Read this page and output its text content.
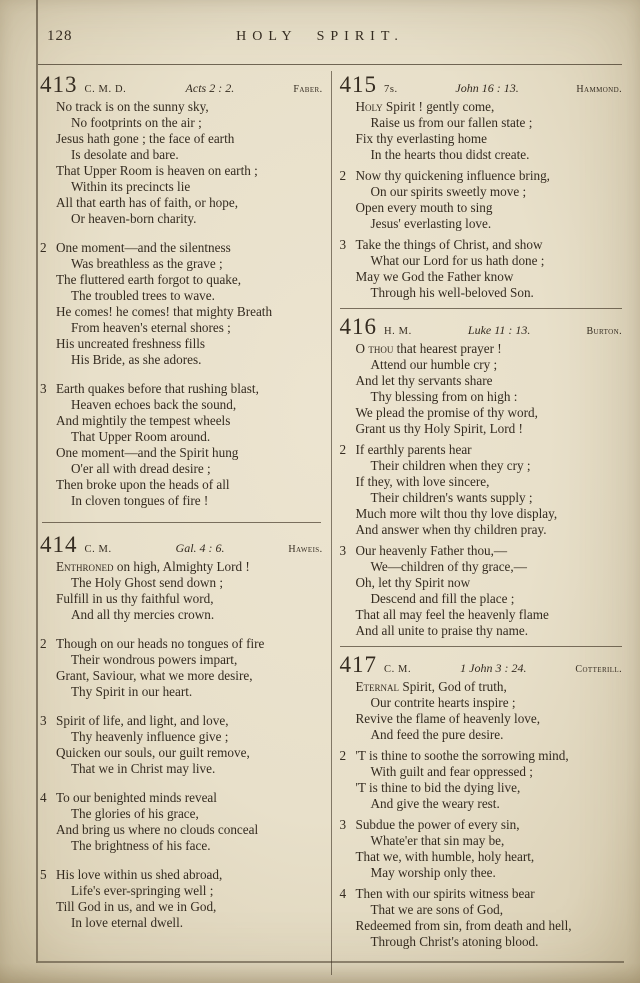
128	HOLY SPIRIT.
413 C. M. D.	Acts 2 : 2.	Faber.
No track is on the sunny sky,
No footprints on the air ;
Jesus hath gone ; the face of earth
Is desolate and bare.
That Upper Room is heaven on earth ;
Within its precincts lie
All that earth has of faith, or hope,
Or heaven-born charity.
2 One moment—and the silentness
Was breathless as the grave ;
The fluttered earth forgot to quake,
The troubled trees to wave.
He comes! he comes! that mighty Breath
From heaven's eternal shores ;
His uncreated freshness fills
His Bride, as she adores.
3 Earth quakes before that rushing blast,
Heaven echoes back the sound,
And mightily the tempest wheels
That Upper Room around.
One moment—and the Spirit hung
O'er all with dread desire ;
Then broke upon the heads of all
In cloven tongues of fire !
414 C. M.	Gal. 4 : 6.	Haweis.
Enthroned on high, Almighty Lord !
The Holy Ghost send down ;
Fulfill in us thy faithful word,
And all thy mercies crown.
2 Though on our heads no tongues of fire
Their wondrous powers impart,
Grant, Saviour, what we more desire,
Thy Spirit in our heart.
3 Spirit of life, and light, and love,
Thy heavenly influence give ;
Quicken our souls, our guilt remove,
That we in Christ may live.
4 To our benighted minds reveal
The glories of his grace,
And bring us where no clouds conceal
The brightness of his face.
5 His love within us shed abroad,
Life's ever-springing well ;
Till God in us, and we in God,
In love eternal dwell.
415 7s.	John 16 : 13.	Hammond.
Holy Spirit ! gently come,
Raise us from our fallen state ;
Fix thy everlasting home
In the hearts thou didst create.
2 Now thy quickening influence bring,
On our spirits sweetly move ;
Open every mouth to sing
Jesus' everlasting love.
3 Take the things of Christ, and show
What our Lord for us hath done ;
May we God the Father know
Through his well-beloved Son.
416 H. M.	Luke 11 : 13.	Burton.
O thou that hearest prayer !
Attend our humble cry ;
And let thy servants share
Thy blessing from on high :
We plead the promise of thy word,
Grant us thy Holy Spirit, Lord !
2 If earthly parents hear
Their children when they cry ;
If they, with love sincere,
Their children's wants supply ;
Much more wilt thou thy love display,
And answer when thy children pray.
3 Our heavenly Father thou,—
We—children of thy grace,—
Oh, let thy Spirit now
Descend and fill the place ;
That all may feel the heavenly flame
And all unite to praise thy name.
417 C. M.	1 John 3 : 24.	Cotterill.
Eternal Spirit, God of truth,
Our contrite hearts inspire ;
Revive the flame of heavenly love,
And feed the pure desire.
2 'T is thine to soothe the sorrowing mind,
With guilt and fear oppressed ;
'T is thine to bid the dying live,
And give the weary rest.
3 Subdue the power of every sin,
Whate'er that sin may be,
That we, with humble, holy heart,
May worship only thee.
4 Then with our spirits witness bear
That we are sons of God,
Redeemed from sin, from death and hell,
Through Christ's atoning blood.
